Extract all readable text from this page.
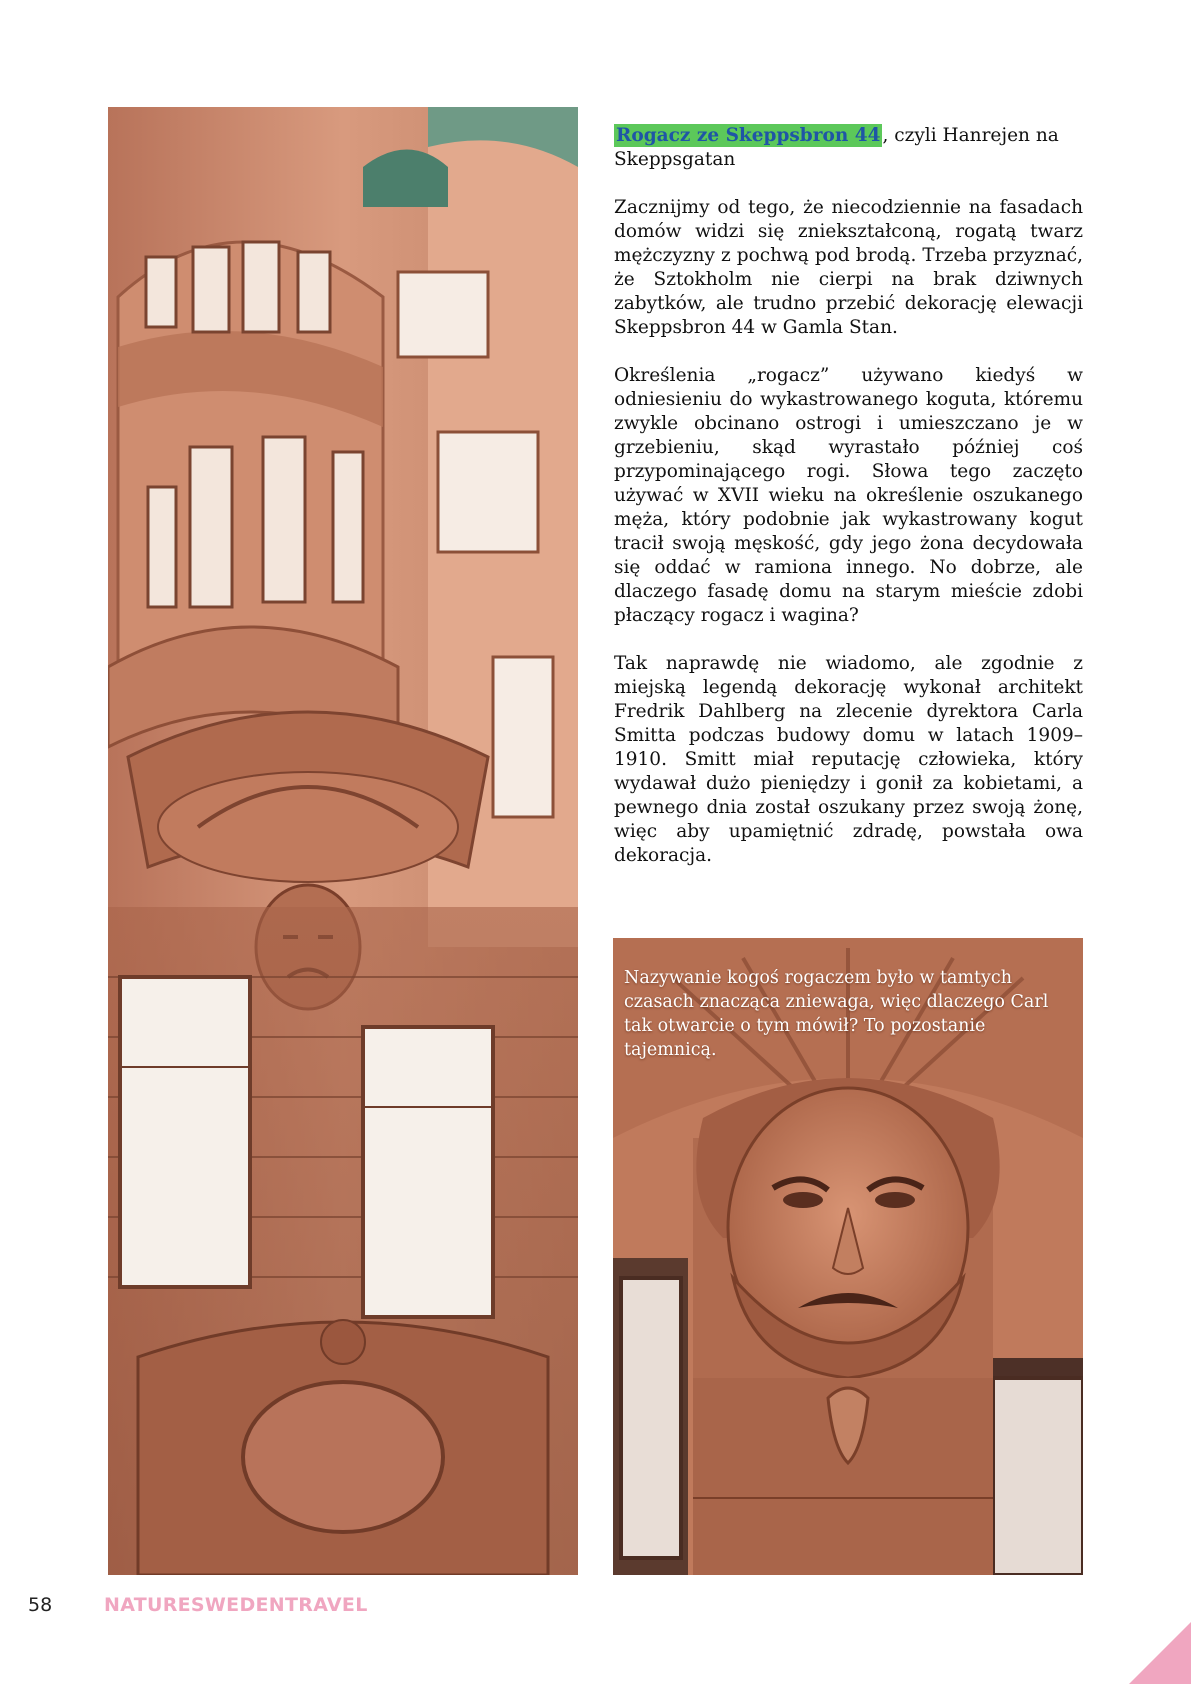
Rogacz ze Skeppsbron 44 , czyli Hanrejen na Skeppsgatan

Zacznijmy od tego, że niecodziennie na fasadach domów widzi się zniekształconą, rogatą twarz mężczyzny z pochwą pod brodą. Trzeba przyznać, że Sztokholm nie cierpi na brak dziwnych zabytków, ale trudno przebić dekorację elewacji Skeppsbron 44 w Gamla Stan.

Określenia „rogacz” używano kiedyś w odniesieniu do wykastrowanego koguta, któremu zwykle obcinano ostrogi i umieszczano je w grzebieniu, skąd wyrastało później coś przypominającego rogi. Słowa tego zaczęto używać w XVII wieku na określenie oszukanego męża, który podobnie jak wykastrowany kogut tracił swoją męskość, gdy jego żona decydowała się oddać w ramiona innego. No dobrze, ale dlaczego fasadę domu na starym mieście zdobi płaczący rogacz i wagina?

Tak naprawdę nie wiadomo, ale zgodnie z miejską legendą dekorację wykonał architekt Fredrik Dahlberg na zlecenie dyrektora Carla Smitta podczas budowy domu w latach 1909–1910. Smitt miał reputację człowieka, który wydawał dużo pieniędzy i gonił za kobietami, a pewnego dnia został oszukany przez swoją żonę, więc aby upamiętnić zdradę, powstała owa dekoracja.

Nazywanie kogoś rogaczem było w tamtych czasach znacząca zniewaga, więc dlaczego Carl tak otwarcie o tym mówił? To pozostanie tajemnicą.
58	NATURESWEDENTRAVEL
